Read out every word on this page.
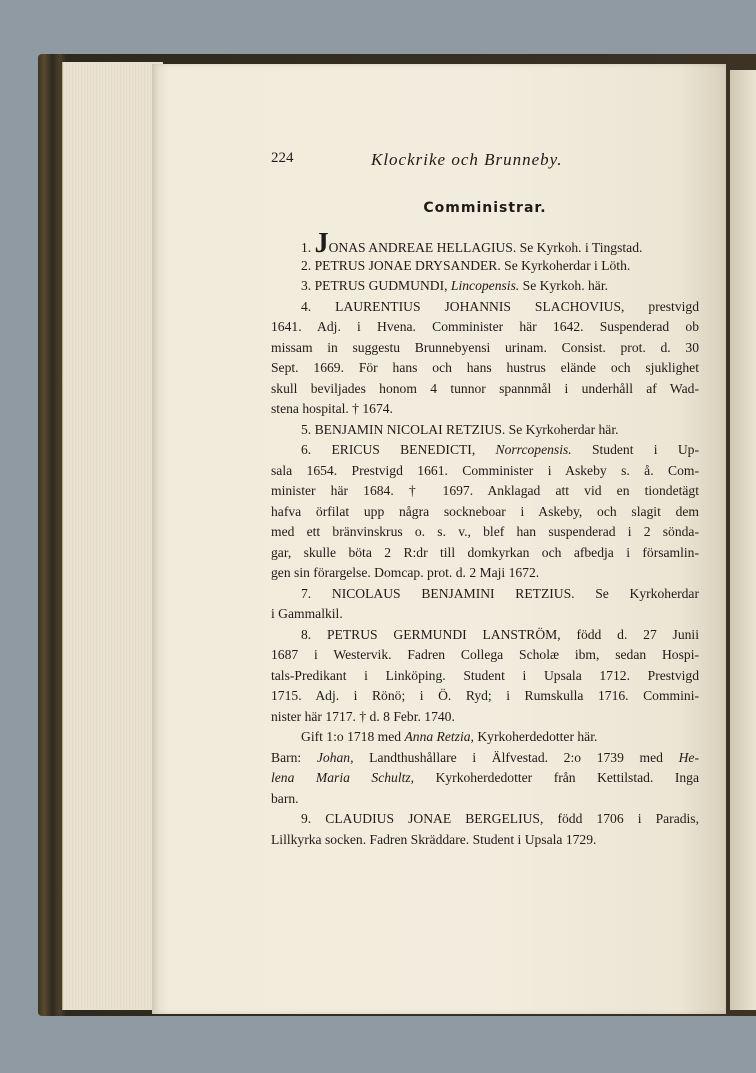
224	Klockrike och Brunneby.
Comministrar.
1. JONAS ANDREAE HELLAGIUS. Se Kyrkoh. i Tingstad.
2. PETRUS JONAE DRYSANDER. Se Kyrkoherdar i Löth.
3. PETRUS GUDMUNDI, Lincopensis. Se Kyrkoh. här.
4. LAURENTIUS JOHANNIS SLACHOVIUS, prestvigd
1641. Adj. i Hvena. Comminister här 1642. Suspenderad ob
missam in suggestu Brunnebyensi urinam. Consist. prot. d. 30
Sept. 1669. För hans och hans hustrus elände och sjuklighet
skull beviljades honom 4 tunnor spannmål i underhåll af Wad-
stena hospital. † 1674.
5. BENJAMIN NICOLAI RETZIUS. Se Kyrkoherdar här.
6. ERICUS BENEDICTI, Norrcopensis. Student i Up-
sala 1654. Prestvigd 1661. Comminister i Askeby s. å. Com-
minister här 1684. † 1697. Anklagad att vid en tiondetägt
hafva örfilat upp några sockneboar i Askeby, och slagit dem
med ett bränvinskrus o. s. v., blef han suspenderad i 2 sönda-
gar, skulle böta 2 R:dr till domkyrkan och afbedja i församlin-
gen sin förargelse. Domcap. prot. d. 2 Maji 1672.
7. NICOLAUS BENJAMINI RETZIUS. Se Kyrkoherdar
i Gammalkil.
8. PETRUS GERMUNDI LANSTRÖM, född d. 27 Junii
1687 i Westervik. Fadren Collega Scholæ ibm, sedan Hospi-
tals-Predikant i Linköping. Student i Upsala 1712. Prestvigd
1715. Adj. i Rönö; i Ö. Ryd; i Rumskulla 1716. Commini-
nister här 1717. † d. 8 Febr. 1740.
Gift 1:o 1718 med Anna Retzia, Kyrkoherdedotter här.
Barn: Johan, Landthushållare i Älfvestad. 2:o 1739 med He-
lena Maria Schultz, Kyrkoherdedotter från Kettilstad. Inga
barn.
9. CLAUDIUS JONAE BERGELIUS, född 1706 i Paradis,
Lillkyrka socken. Fadren Skräddare. Student i Upsala 1729.
